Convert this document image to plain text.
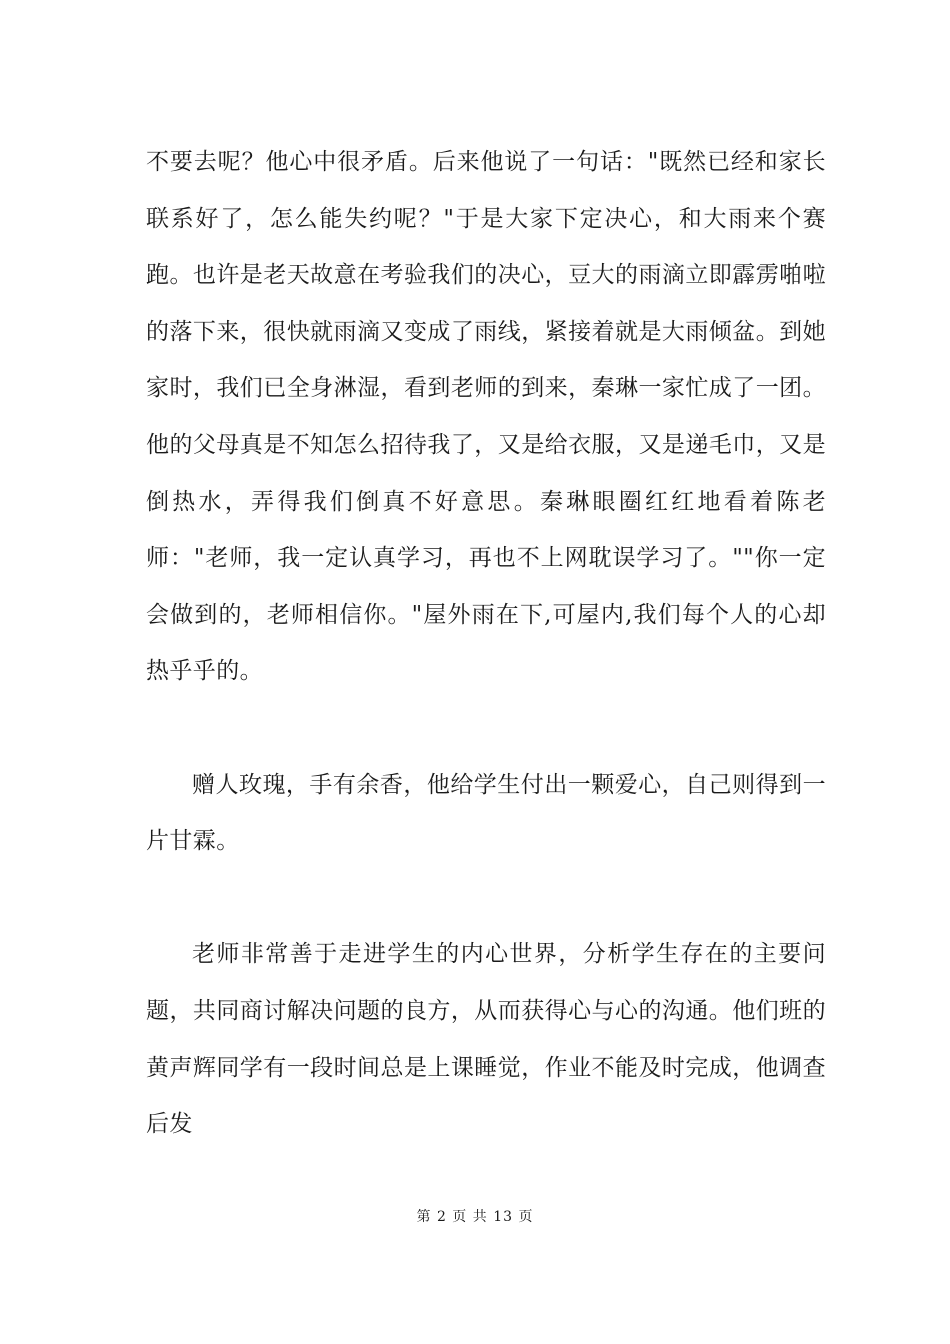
不要去呢？他心中很矛盾。后来他说了一句话："既然已经和家长联系好了，怎么能失约呢？"于是大家下定决心，和大雨来个赛跑。也许是老天故意在考验我们的决心，豆大的雨滴立即霹雳啪啦的落下来，很快就雨滴又变成了雨线，紧接着就是大雨倾盆。到她家时，我们已全身淋湿，看到老师的到来，秦琳一家忙成了一团。他的父母真是不知怎么招待我了，又是给衣服，又是递毛巾，又是倒热水，弄得我们倒真不好意思。秦琳眼圈红红地看着陈老师："老师，我一定认真学习，再也不上网耽误学习了。""你一定会做到的，老师相信你。"屋外雨在下,可屋内,我们每个人的心却热乎乎的。

赠人玫瑰，手有余香，他给学生付出一颗爱心，自己则得到一片甘霖。

老师非常善于走进学生的内心世界，分析学生存在的主要问题，共同商讨解决问题的良方，从而获得心与心的沟通。他们班的黄声辉同学有一段时间总是上课睡觉，作业不能及时完成，他调查后发

第 2 页 共 13 页
